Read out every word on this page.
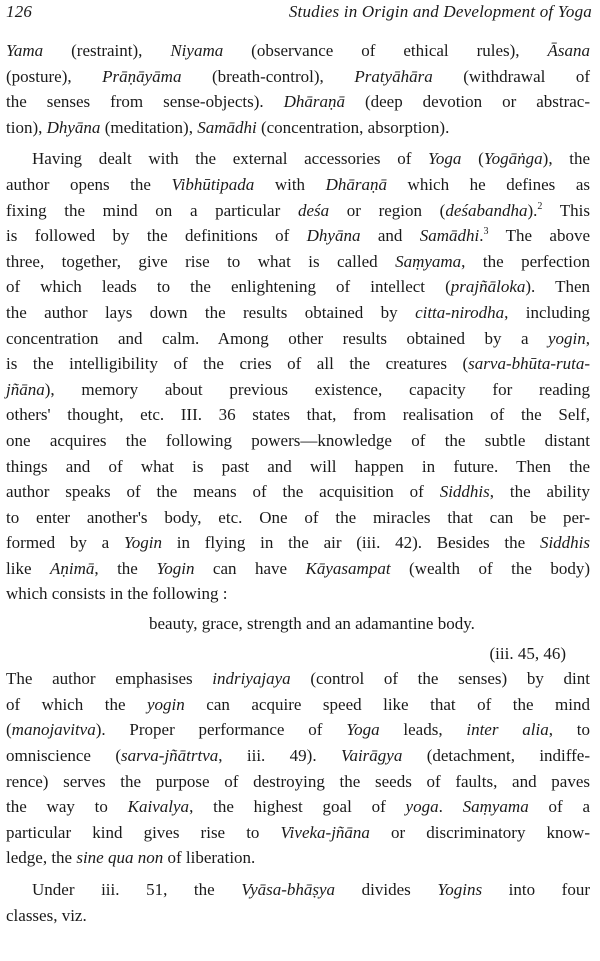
126	Studies in Origin and Development of Yoga
Yama (restraint), Niyama (observance of ethical rules), Āsana
(posture), Prāṇāyāma (breath-control), Pratyāhāra (withdrawal of
the senses from sense-objects). Dhāraṇā (deep devotion or abstrac-
tion), Dhyāna (meditation), Samādhi (concentration, absorption).
Having dealt with the external accessories of Yoga (Yogāṅga), the
author opens the Vibhūtipada with Dhāraṇā which he defines as
fixing the mind on a particular deśa or region (deśabandha).$^2$ This
is followed by the definitions of Dhyāna and Samādhi.$^3$ The above
three, together, give rise to what is called Saṃyama, the perfection
of which leads to the enlightening of intellect (prajñāloka). Then
the author lays down the results obtained by citta-nirodha, including
concentration and calm. Among other results obtained by a yogin,
is the intelligibility of the cries of all the creatures (sarva-bhūta-ruta-
jñāna), memory about previous existence, capacity for reading
others' thought, etc. III. 36 states that, from realisation of the Self,
one acquires the following powers—knowledge of the subtle distant
things and of what is past and will happen in future. Then the
author speaks of the means of the acquisition of Siddhis, the ability
to enter another's body, etc. One of the miracles that can be per-
formed by a Yogin in flying in the air (iii. 42). Besides the Siddhis
like Aṇimā, the Yogin can have Kāyasampat (wealth of the body)
which consists in the following :
beauty, grace, strength and an adamantine body.
(iii. 45, 46)
The author emphasises indriyajaya (control of the senses) by dint
of which the yogin can acquire speed like that of the mind
(manojavitva). Proper performance of Yoga leads, inter alia, to
omniscience (sarva-jñātrtva, iii. 49). Vairāgya (detachment, indiffe-
rence) serves the purpose of destroying the seeds of faults, and paves
the way to Kaivalya, the highest goal of yoga. Saṃyama of a
particular kind gives rise to Viveka-jñāna or discriminatory know-
ledge, the sine qua non of liberation.
Under iii. 51, the Vyāsa-bhāṣya divides Yogins into four
classes, viz.
